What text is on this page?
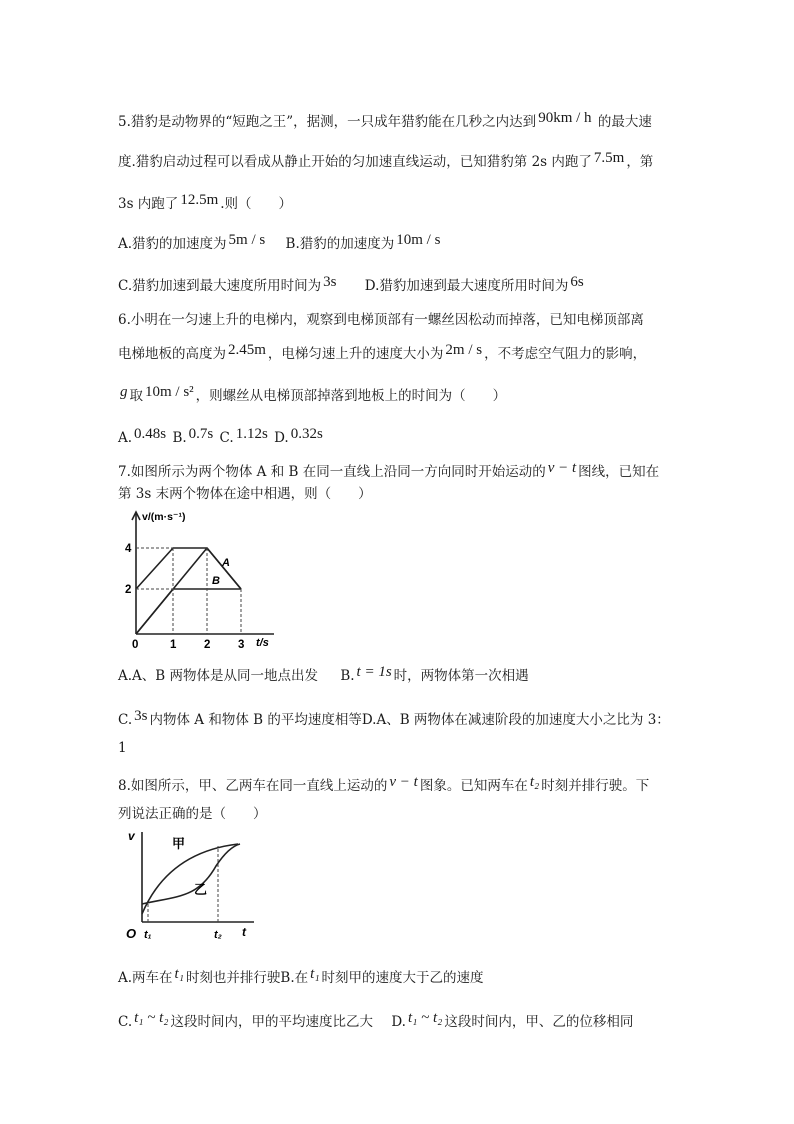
5.猎豹是动物界的“短跑之王”，据测，一只成年猎豹能在几秒之内达到 90km / h 的最大速
度.猎豹启动过程可以看成从静止开始的匀加速直线运动，已知猎豹第 2s 内跑了 7.5m ，第
3s 内跑了 12.5m .则（　　）
A.猎豹的加速度为 5m / s B.猎豹的加速度为 10m / s
C.猎豹加速到最大速度所用时间为 3s D.猎豹加速到最大速度所用时间为 6s
6.小明在一匀速上升的电梯内，观察到电梯顶部有一螺丝因松动而掉落，已知电梯顶部离
电梯地板的高度为 2.45m ，电梯匀速上升的速度大小为 2m / s ，不考虑空气阻力的影响，
g 取 10m / s² ，则螺丝从电梯顶部掉落到地板上的时间为（　　）
A. 0.48s B. 0.7s C. 1.12s D. 0.32s
7.如图所示为两个物体 A 和 B 在同一直线上沿同一方向同时开始运动的 v − t 图线，已知在
第 3s 末两个物体在途中相遇，则（　　）
v/(m·s⁻¹)
4
2
0	1 2 3 t/s
A
B
A.A、B 两物体是从同一地点出发 B. t = 1s 时，两物体第一次相遇
C. 3s 内物体 A 和物体 B 的平均速度相等D.A、B 两物体在减速阶段的加速度大小之比为 3：
1
8.如图所示，甲、乙两车在同一直线上运动的 v − t 图象。已知两车在 t₂ 时刻并排行驶。下
列说法正确的是（　　）
v
O t₁	t₂ t
甲
乙
A.两车在 t₁ 时刻也并排行驶B.在 t₁ 时刻甲的速度大于乙的速度
C. t₁ ~ t₂ 这段时间内，甲的平均速度比乙大 D. t₁ ~ t₂ 这段时间内，甲、乙的位移相同
